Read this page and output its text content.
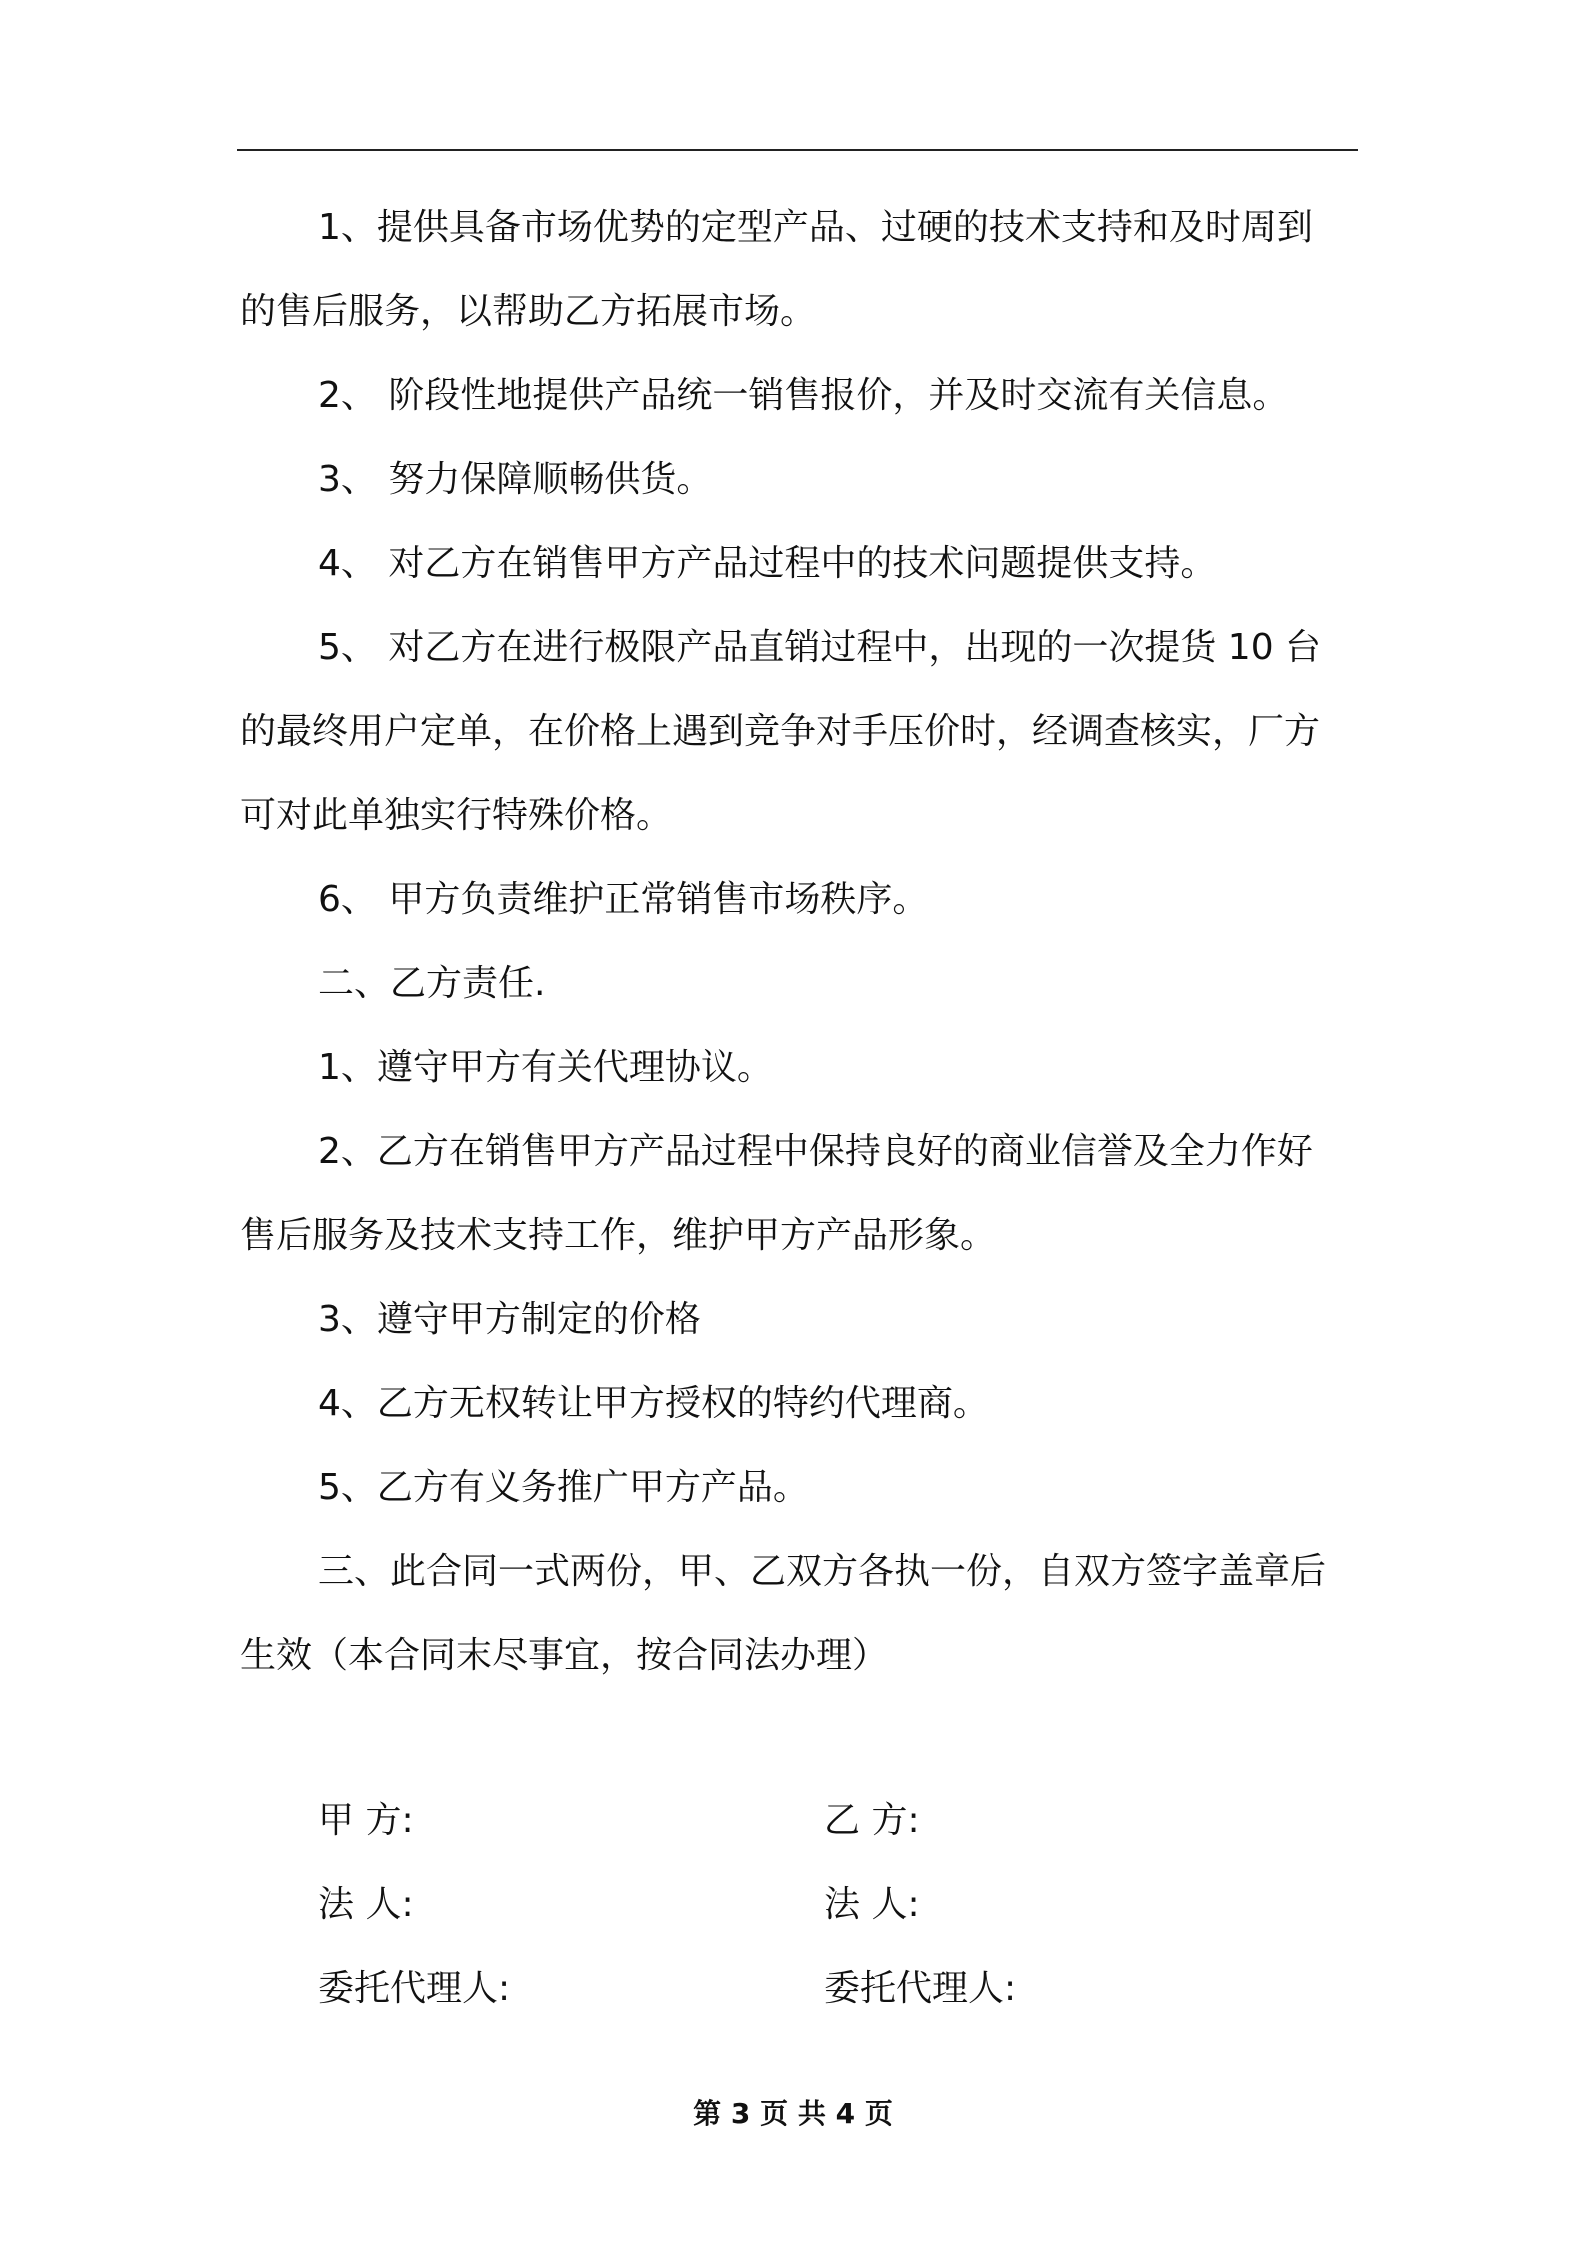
1、提供具备市场优势的定型产品、过硬的技术支持和及时周到
的售后服务，以帮助乙方拓展市场。
2、 阶段性地提供产品统一销售报价，并及时交流有关信息。
3、 努力保障顺畅供货。
4、 对乙方在销售甲方产品过程中的技术问题提供支持。
5、 对乙方在进行极限产品直销过程中，出现的一次提货 10 台
的最终用户定单，在价格上遇到竞争对手压价时，经调查核实，厂方
可对此单独实行特殊价格。
6、 甲方负责维护正常销售市场秩序。
二、乙方责任.
1、遵守甲方有关代理协议。
2、乙方在销售甲方产品过程中保持良好的商业信誉及全力作好
售后服务及技术支持工作，维护甲方产品形象。
3、遵守甲方制定的价格
4、乙方无权转让甲方授权的特约代理商。
5、乙方有义务推广甲方产品。
三、此合同一式两份，甲、乙双方各执一份，自双方签字盖章后
生效（本合同末尽事宜，按合同法办理）
甲 方:	乙 方:
法 人:	法 人:
委托代理人:	委托代理人:
第 3 页 共 4 页
